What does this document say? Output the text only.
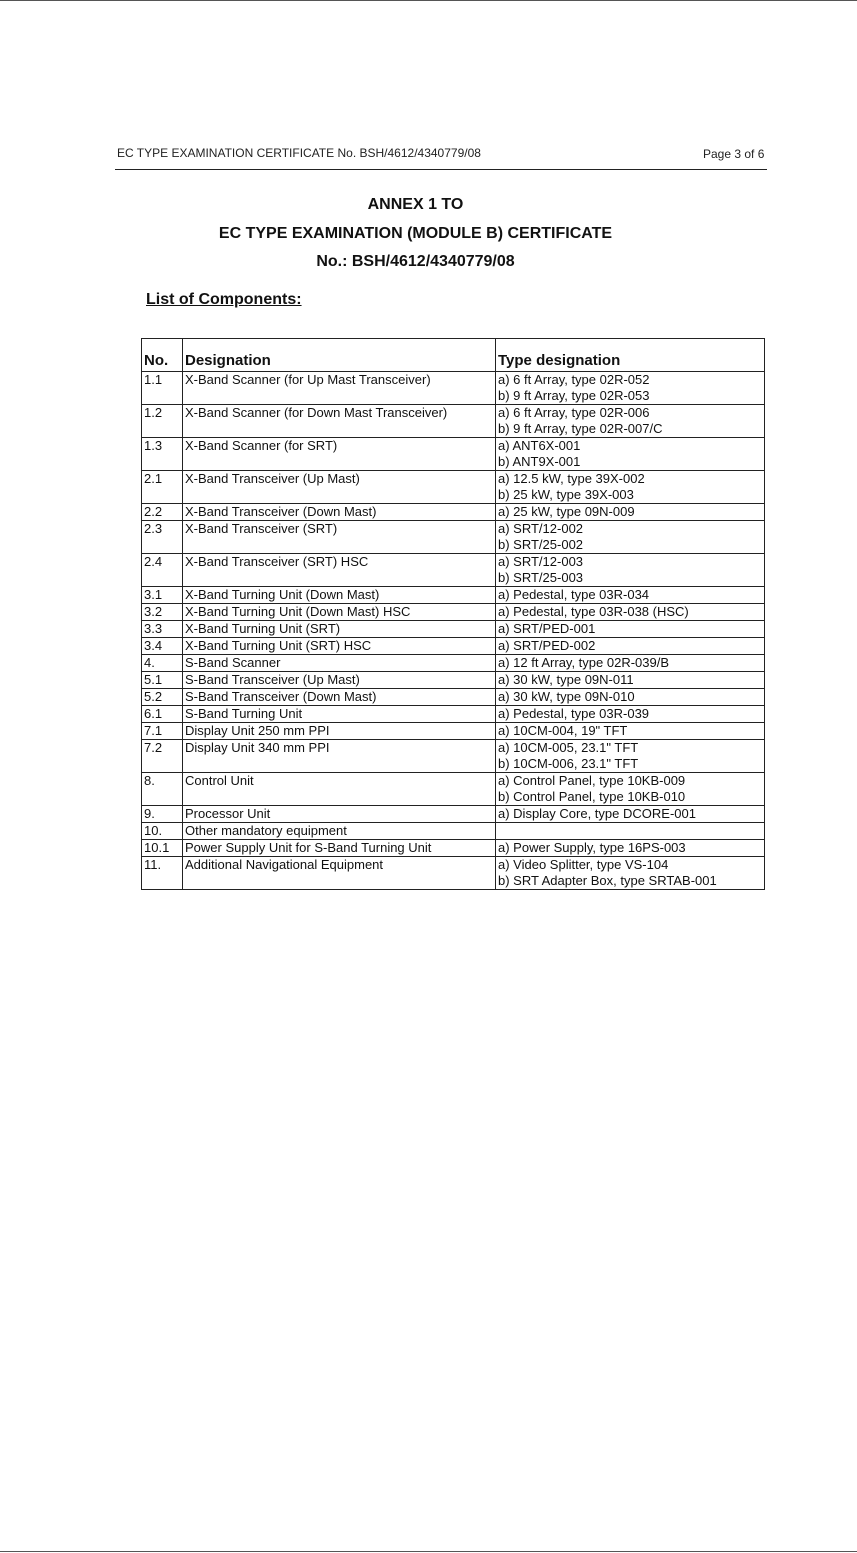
EC TYPE EXAMINATION CERTIFICATE No. BSH/4612/4340779/08	Page 3 of 6
ANNEX 1 TO
EC TYPE EXAMINATION (MODULE B) CERTIFICATE
No.: BSH/4612/4340779/08
List of Components:
No.	Designation	Type designation
1.1	X-Band Scanner (for Up Mast Transceiver)	a) 6 ft Array, type 02R-052
b) 9 ft Array, type 02R-053

1.2	X-Band Scanner (for Down Mast Transceiver)	a) 6 ft Array, type 02R-006
b) 9 ft Array, type 02R-007/C

1.3	X-Band Scanner (for SRT)	a) ANT6X-001
b) ANT9X-001

2.1	X-Band Transceiver (Up Mast)	a) 12.5 kW, type 39X-002
b) 25 kW, type 39X-003

2.2	X-Band Transceiver (Down Mast)	a) 25 kW, type 09N-009

2.3	X-Band Transceiver (SRT)	a) SRT/12-002
b) SRT/25-002

2.4	X-Band Transceiver (SRT) HSC	a) SRT/12-003
b) SRT/25-003

3.1	X-Band Turning Unit (Down Mast)	a) Pedestal, type 03R-034

3.2	X-Band Turning Unit (Down Mast) HSC	a) Pedestal, type 03R-038 (HSC)

3.3	X-Band Turning Unit (SRT)	a) SRT/PED-001

3.4	X-Band Turning Unit (SRT) HSC	a) SRT/PED-002

4.	S-Band Scanner	a) 12 ft Array, type 02R-039/B

5.1	S-Band Transceiver (Up Mast)	a) 30 kW, type 09N-011

5.2	S-Band Transceiver (Down Mast)	a) 30 kW, type 09N-010

6.1	S-Band Turning Unit	a) Pedestal, type 03R-039

7.1	Display Unit 250 mm PPI	a) 10CM-004, 19" TFT

7.2	Display Unit 340 mm PPI	a) 10CM-005, 23.1" TFT
b) 10CM-006, 23.1" TFT

8.	Control Unit	a) Control Panel, type 10KB-009
b) Control Panel, type 10KB-010

9.	Processor Unit	a) Display Core, type DCORE-001

10.	Other mandatory equipment	
10.1	Power Supply Unit for S-Band Turning Unit	a) Power Supply, type 16PS-003

11.	Additional Navigational Equipment	a) Video Splitter, type VS-104
b) SRT Adapter Box, type SRTAB-001
